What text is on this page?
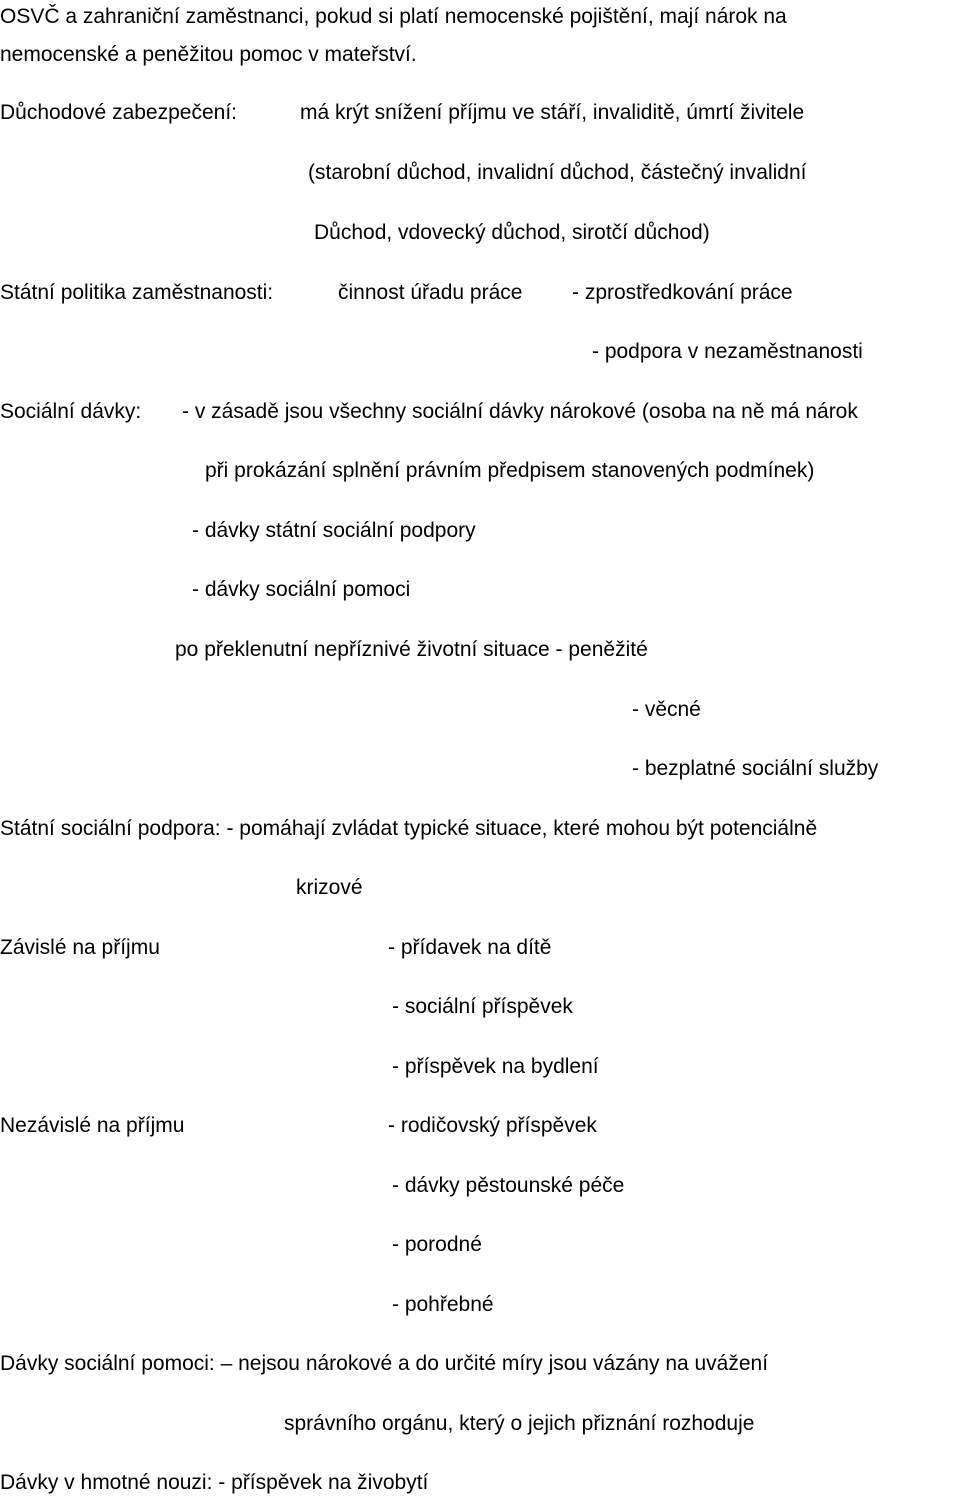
OSVČ a zahraniční zaměstnanci, pokud si platí nemocenské pojištění, mají nárok na
nemocenské a peněžitou pomoc v mateřství.
Důchodové zabezpečení:	má krýt snížení příjmu ve stáří, invaliditě, úmrtí živitele
(starobní důchod, invalidní důchod, částečný invalidní
Důchod, vdovecký důchod, sirotčí důchod)
Státní politika zaměstnanosti:	činnost úřadu práce - zprostředkování práce
- podpora v nezaměstnanosti
Sociální dávky: - v zásadě jsou všechny sociální dávky nárokové (osoba na ně má nárok
při prokázání splnění právním předpisem stanovených podmínek)
- dávky státní sociální podpory
- dávky sociální pomoci
po překlenutní nepříznivé životní situace - peněžité
- věcné
- bezplatné sociální služby
Státní sociální podpora: - pomáhají zvládat typické situace, které mohou být potenciálně
krizové
Závislé na příjmu	- přídavek na dítě
- sociální příspěvek
- příspěvek na bydlení
Nezávislé na příjmu	- rodičovský příspěvek
- dávky pěstounské péče
- porodné
- pohřebné
Dávky sociální pomoci: – nejsou nárokové a do určité míry jsou vázány na uvážení
správního orgánu, který o jejich přiznání rozhoduje
Dávky v hmotné nouzi: - příspěvek na živobytí
